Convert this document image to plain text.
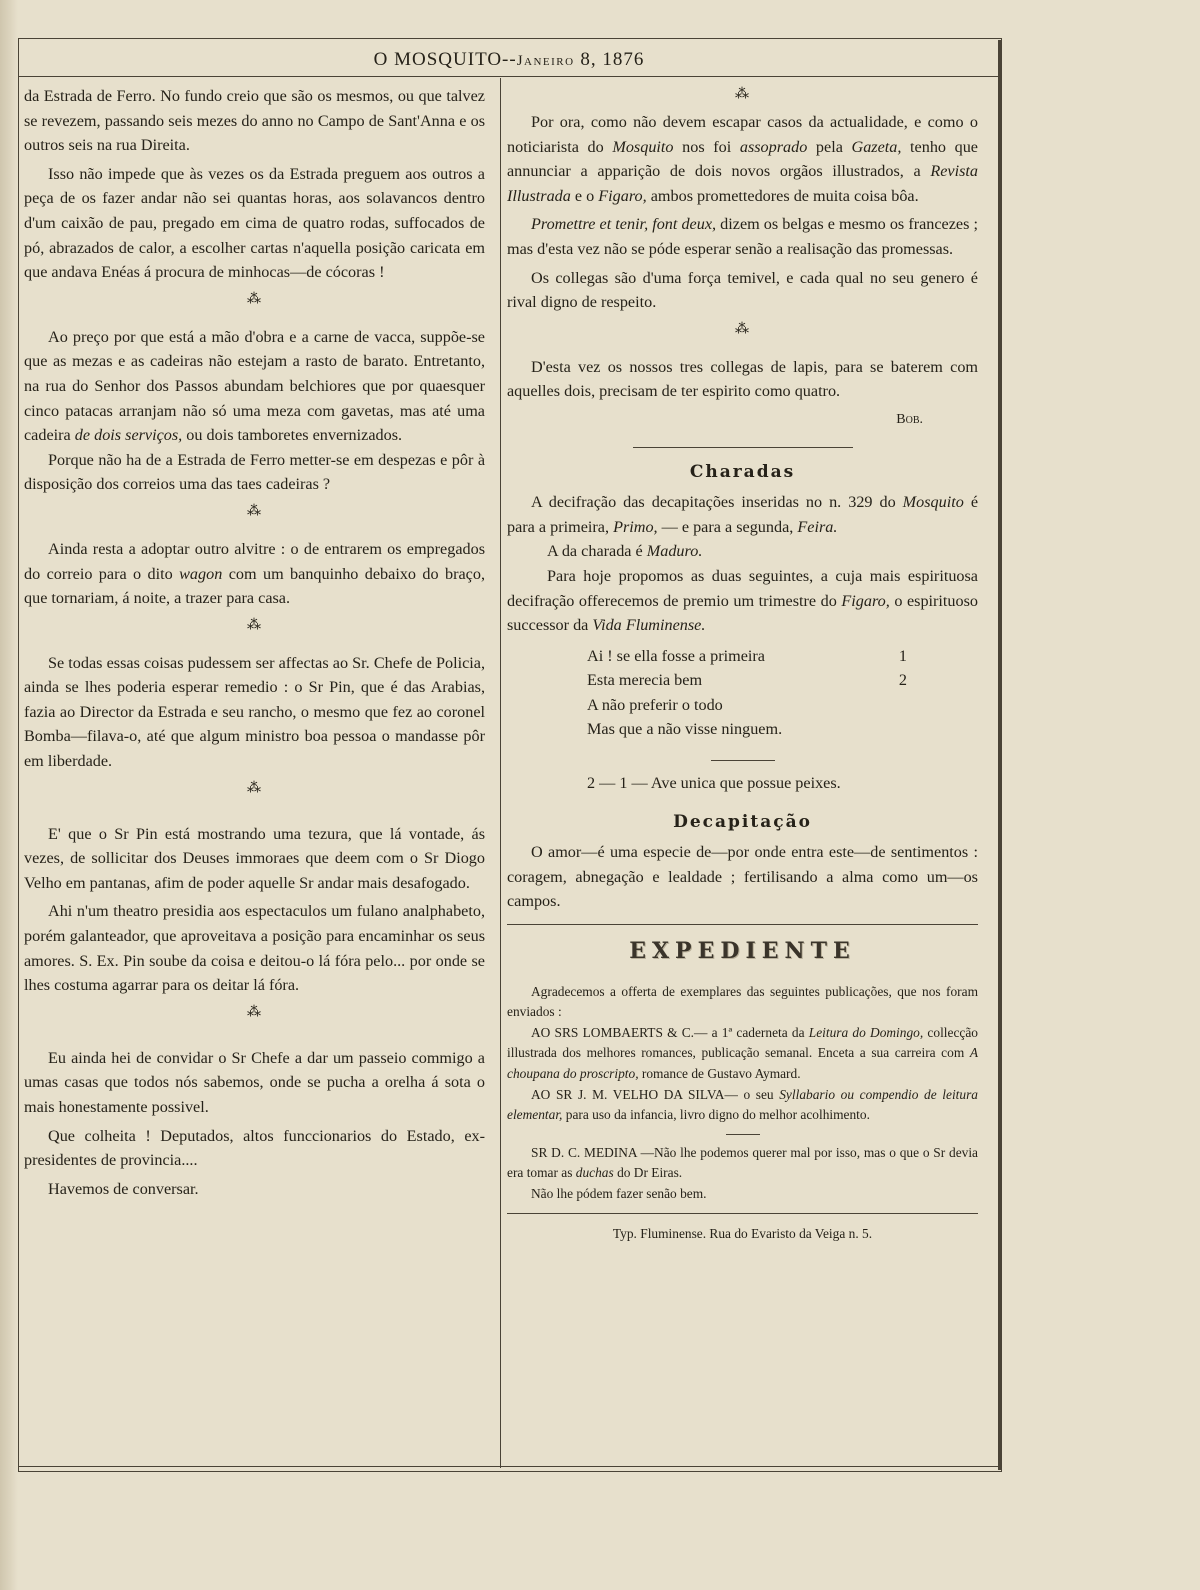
O MOSQUITO--Janeiro 8, 1876

da Estrada de Ferro. No fundo creio que são os mesmos, ou que talvez se revezem, passando seis mezes do anno no Campo de Sant'Anna e os outros seis na rua Direita.

Isso não impede que às vezes os da Estrada preguem aos outros a peça de os fazer andar não sei quantas horas, aos solavancos dentro d'um caixão de pau, pregado em cima de quatro rodas, suffocados de pó, abrazados de calor, a escolher cartas n'aquella posição caricata em que andava Enéas á procura de minhocas—de cócoras !

⁂

Ao preço por que está a mão d'obra e a carne de vacca, suppõe-se que as mezas e as cadeiras não estejam a rasto de barato. Entretanto, na rua do Senhor dos Passos abundam belchiores que por quaesquer cinco patacas arranjam não só uma meza com gavetas, mas até uma cadeira de dois serviços, ou dois tamboretes envernizados.

Porque não ha de a Estrada de Ferro metter-se em despezas e pôr à disposição dos correios uma das taes cadeiras ?

⁂

Ainda resta a adoptar outro alvitre : o de entrarem os empregados do correio para o dito wagon com um banquinho debaixo do braço, que tornariam, á noite, a trazer para casa.

⁂

Se todas essas coisas pudessem ser affectas ao Sr. Chefe de Policia, ainda se lhes poderia esperar remedio : o Sr Pin, que é das Arabias, fazia ao Director da Estrada e seu rancho, o mesmo que fez ao coronel Bomba—filava-o, até que algum ministro boa pessoa o mandasse pôr em liberdade.

⁂

E' que o Sr Pin está mostrando uma tezura, que lá vontade, ás vezes, de sollicitar dos Deuses immoraes que deem com o Sr Diogo Velho em pantanas, afim de poder aquelle Sr andar mais desafogado.

Ahi n'um theatro presidia aos espectaculos um fulano analphabeto, porém galanteador, que aproveitava a posição para encaminhar os seus amores. S. Ex. Pin soube da coisa e deitou-o lá fóra pelo... por onde se lhes costuma agarrar para os deitar lá fóra.

⁂

Eu ainda hei de convidar o Sr Chefe a dar um passeio commigo a umas casas que todos nós sabemos, onde se pucha a orelha á sota o mais honestamente possivel.

Que colheita ! Deputados, altos funccionarios do Estado, ex-presidentes de provincia....

Havemos de conversar.

⁂

Por ora, como não devem escapar casos da actualidade, e como o noticiarista do Mosquito nos foi assoprado pela Gazeta, tenho que annunciar a apparição de dois novos orgãos illustrados, a Revista Illustrada e o Figaro, ambos promettedores de muita coisa bôa.

Promettre et tenir, font deux, dizem os belgas e mesmo os francezes ; mas d'esta vez não se póde esperar senão a realisação das promessas.

Os collegas são d'uma força temivel, e cada qual no seu genero é rival digno de respeito.

⁂

D'esta vez os nossos tres collegas de lapis, para se baterem com aquelles dois, precisam de ter espirito como quatro.

Bob.
Charadas

A decifração das decapitações inseridas no n. 329 do Mosquito é para a primeira, Primo, — e para a segunda, Feira.

A da charada é Maduro.

Para hoje propomos as duas seguintes, a cuja mais espirituosa decifração offerecemos de premio um trimestre do Figaro, o espirituoso successor da Vida Fluminense.

Ai ! se ella fosse a primeira	1
Esta merecia bem	2
A não preferir o todo
Mas que a não visse ninguem.

2 — 1 — Ave unica que possue peixes.

Decapitação

O amor—é uma especie de—por onde entra este—de sentimentos : coragem, abnegação e lealdade ; fertilisando a alma como um—os campos.

EXPEDIENTE

Agradecemos a offerta de exemplares das seguintes publicações, que nos foram enviados :

AO SRS LOMBAERTS & C.— a 1ª caderneta da Leitura do Domingo, collecção illustrada dos melhores romances, publicação semanal. Enceta a sua carreira com A choupana do proscripto, romance de Gustavo Aymard.

AO SR J. M. VELHO DA SILVA— o seu Syllabario ou compendio de leitura elementar, para uso da infancia, livro digno do melhor acolhimento.

SR D. C. MEDINA —Não lhe podemos querer mal por isso, mas o que o Sr devia era tomar as duchas do Dr Eiras.

Não lhe pódem fazer senão bem.

Typ. Fluminense. Rua do Evaristo da Veiga n. 5.
